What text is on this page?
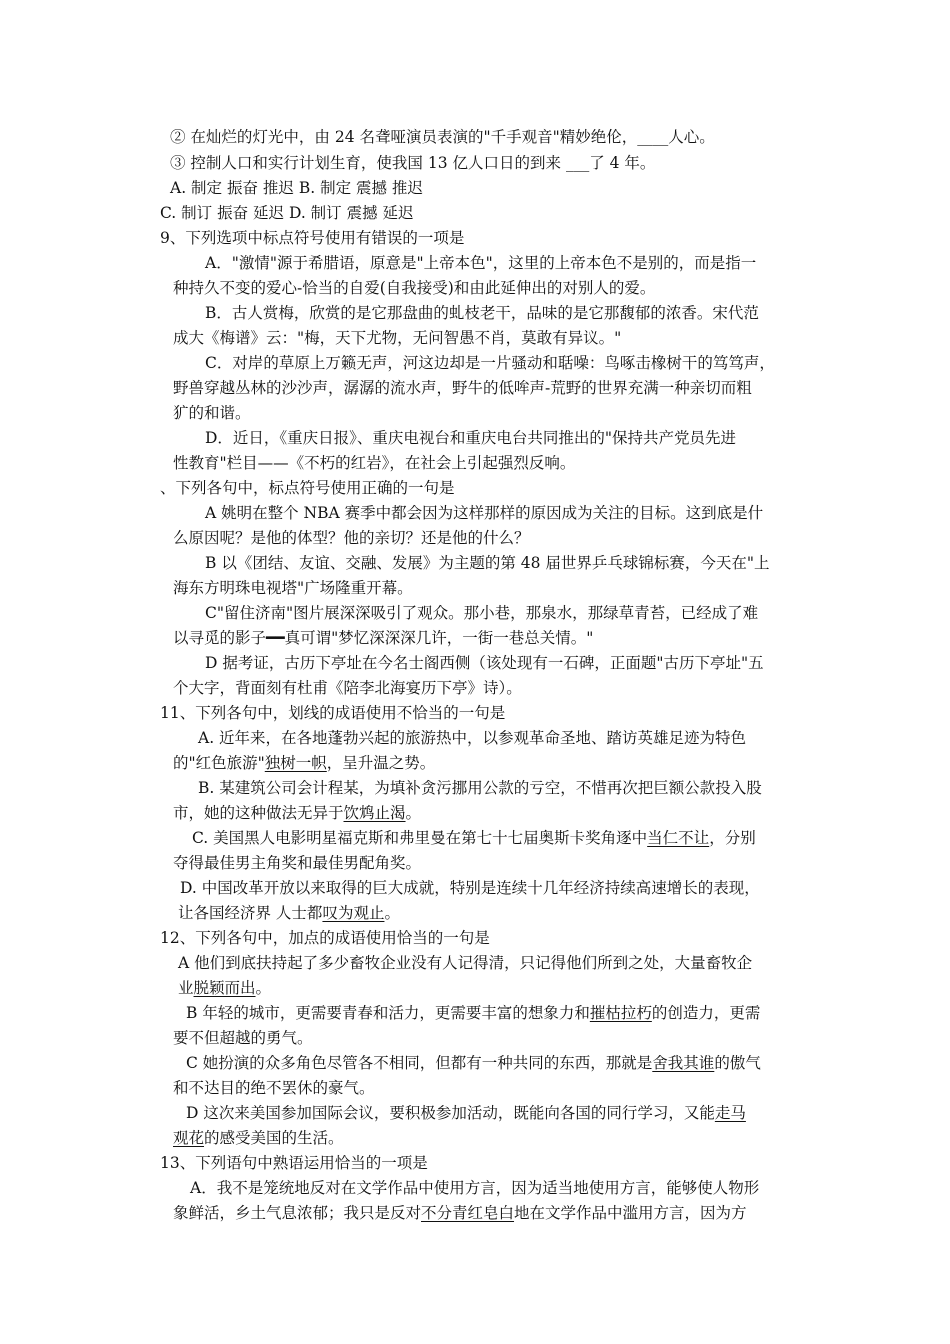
② 在灿烂的灯光中，由 24 名聋哑演员表演的"千手观音"精妙绝伦，____人心。
③ 控制人口和实行计划生育，使我国 13 亿人口日的到来 ___了 4 年。
A. 制定 振奋 推迟 B. 制定 震撼 推迟
C. 制订 振奋 延迟 D. 制订 震撼 延迟
9、下列选项中标点符号使用有错误的一项是
A．"激情"源于希腊语，原意是"上帝本色"，这里的上帝本色不是别的，而是指一
种持久不变的爱心-恰当的自爱(自我接受)和由此延伸出的对别人的爱。
B．古人赏梅，欣赏的是它那盘曲的虬枝老干，品味的是它那馥郁的浓香。宋代范
成大《梅谱》云："梅，天下尤物，无问智愚不肖，莫敢有异议。"
C．对岸的草原上万籁无声，河这边却是一片骚动和聒噪：鸟啄击橡树干的笃笃声，
野兽穿越丛林的沙沙声，潺潺的流水声，野牛的低哞声-荒野的世界充满一种亲切而粗
犷的和谐。
D．近日，《重庆日报》、重庆电视台和重庆电台共同推出的"保持共产党员先进
性教育"栏目——《不朽的红岩》，在社会上引起强烈反响。
、下列各句中，标点符号使用正确的一句是
A 姚明在整个 NBA 赛季中都会因为这样那样的原因成为关注的目标。这到底是什
么原因呢？是他的体型？他的亲切？还是他的什么？
B 以《团结、友谊、交融、发展》为主题的第 48 届世界乒乓球锦标赛，今天在"上
海东方明珠电视塔"广场隆重开幕。
C"留住济南"图片展深深吸引了观众。那小巷，那泉水，那绿草青苔，已经成了难
以寻觅的影子━━真可谓"梦忆深深深几许，一街一巷总关情。"
D 据考证，古历下亭址在今名士阁西侧（该处现有一石碑，正面题"古历下亭址"五
个大字，背面刻有杜甫《陪李北海宴历下亭》诗）。
11、下列各句中，划线的成语使用不恰当的一句是
A. 近年来，在各地蓬勃兴起的旅游热中，以参观革命圣地、踏访英雄足迹为特色
的"红色旅游"独树一帜，呈升温之势。
B. 某建筑公司会计程某，为填补贪污挪用公款的亏空，不惜再次把巨额公款投入股
市，她的这种做法无异于饮鸩止渴。
C. 美国黑人电影明星福克斯和弗里曼在第七十七届奥斯卡奖角逐中当仁不让，分别
夺得最佳男主角奖和最佳男配角奖。
D. 中国改革开放以来取得的巨大成就，特别是连续十几年经济持续高速增长的表现，
让各国经济界 人士都叹为观止。
12、下列各句中，加点的成语使用恰当的一句是
A 他们到底扶持起了多少畜牧企业没有人记得清，只记得他们所到之处，大量畜牧企
业脱颖而出。
B 年轻的城市，更需要青春和活力，更需要丰富的想象力和摧枯拉朽的创造力，更需
要不但超越的勇气。
C 她扮演的众多角色尽管各不相同，但都有一种共同的东西，那就是舍我其谁的傲气
和不达目的绝不罢休的豪气。
D 这次来美国参加国际会议，要积极参加活动，既能向各国的同行学习，又能走马
观花的感受美国的生活。
13、下列语句中熟语运用恰当的一项是
A．我不是笼统地反对在文学作品中使用方言，因为适当地使用方言，能够使人物形
象鲜活，乡土气息浓郁；我只是反对不分青红皂白地在文学作品中滥用方言，因为方
